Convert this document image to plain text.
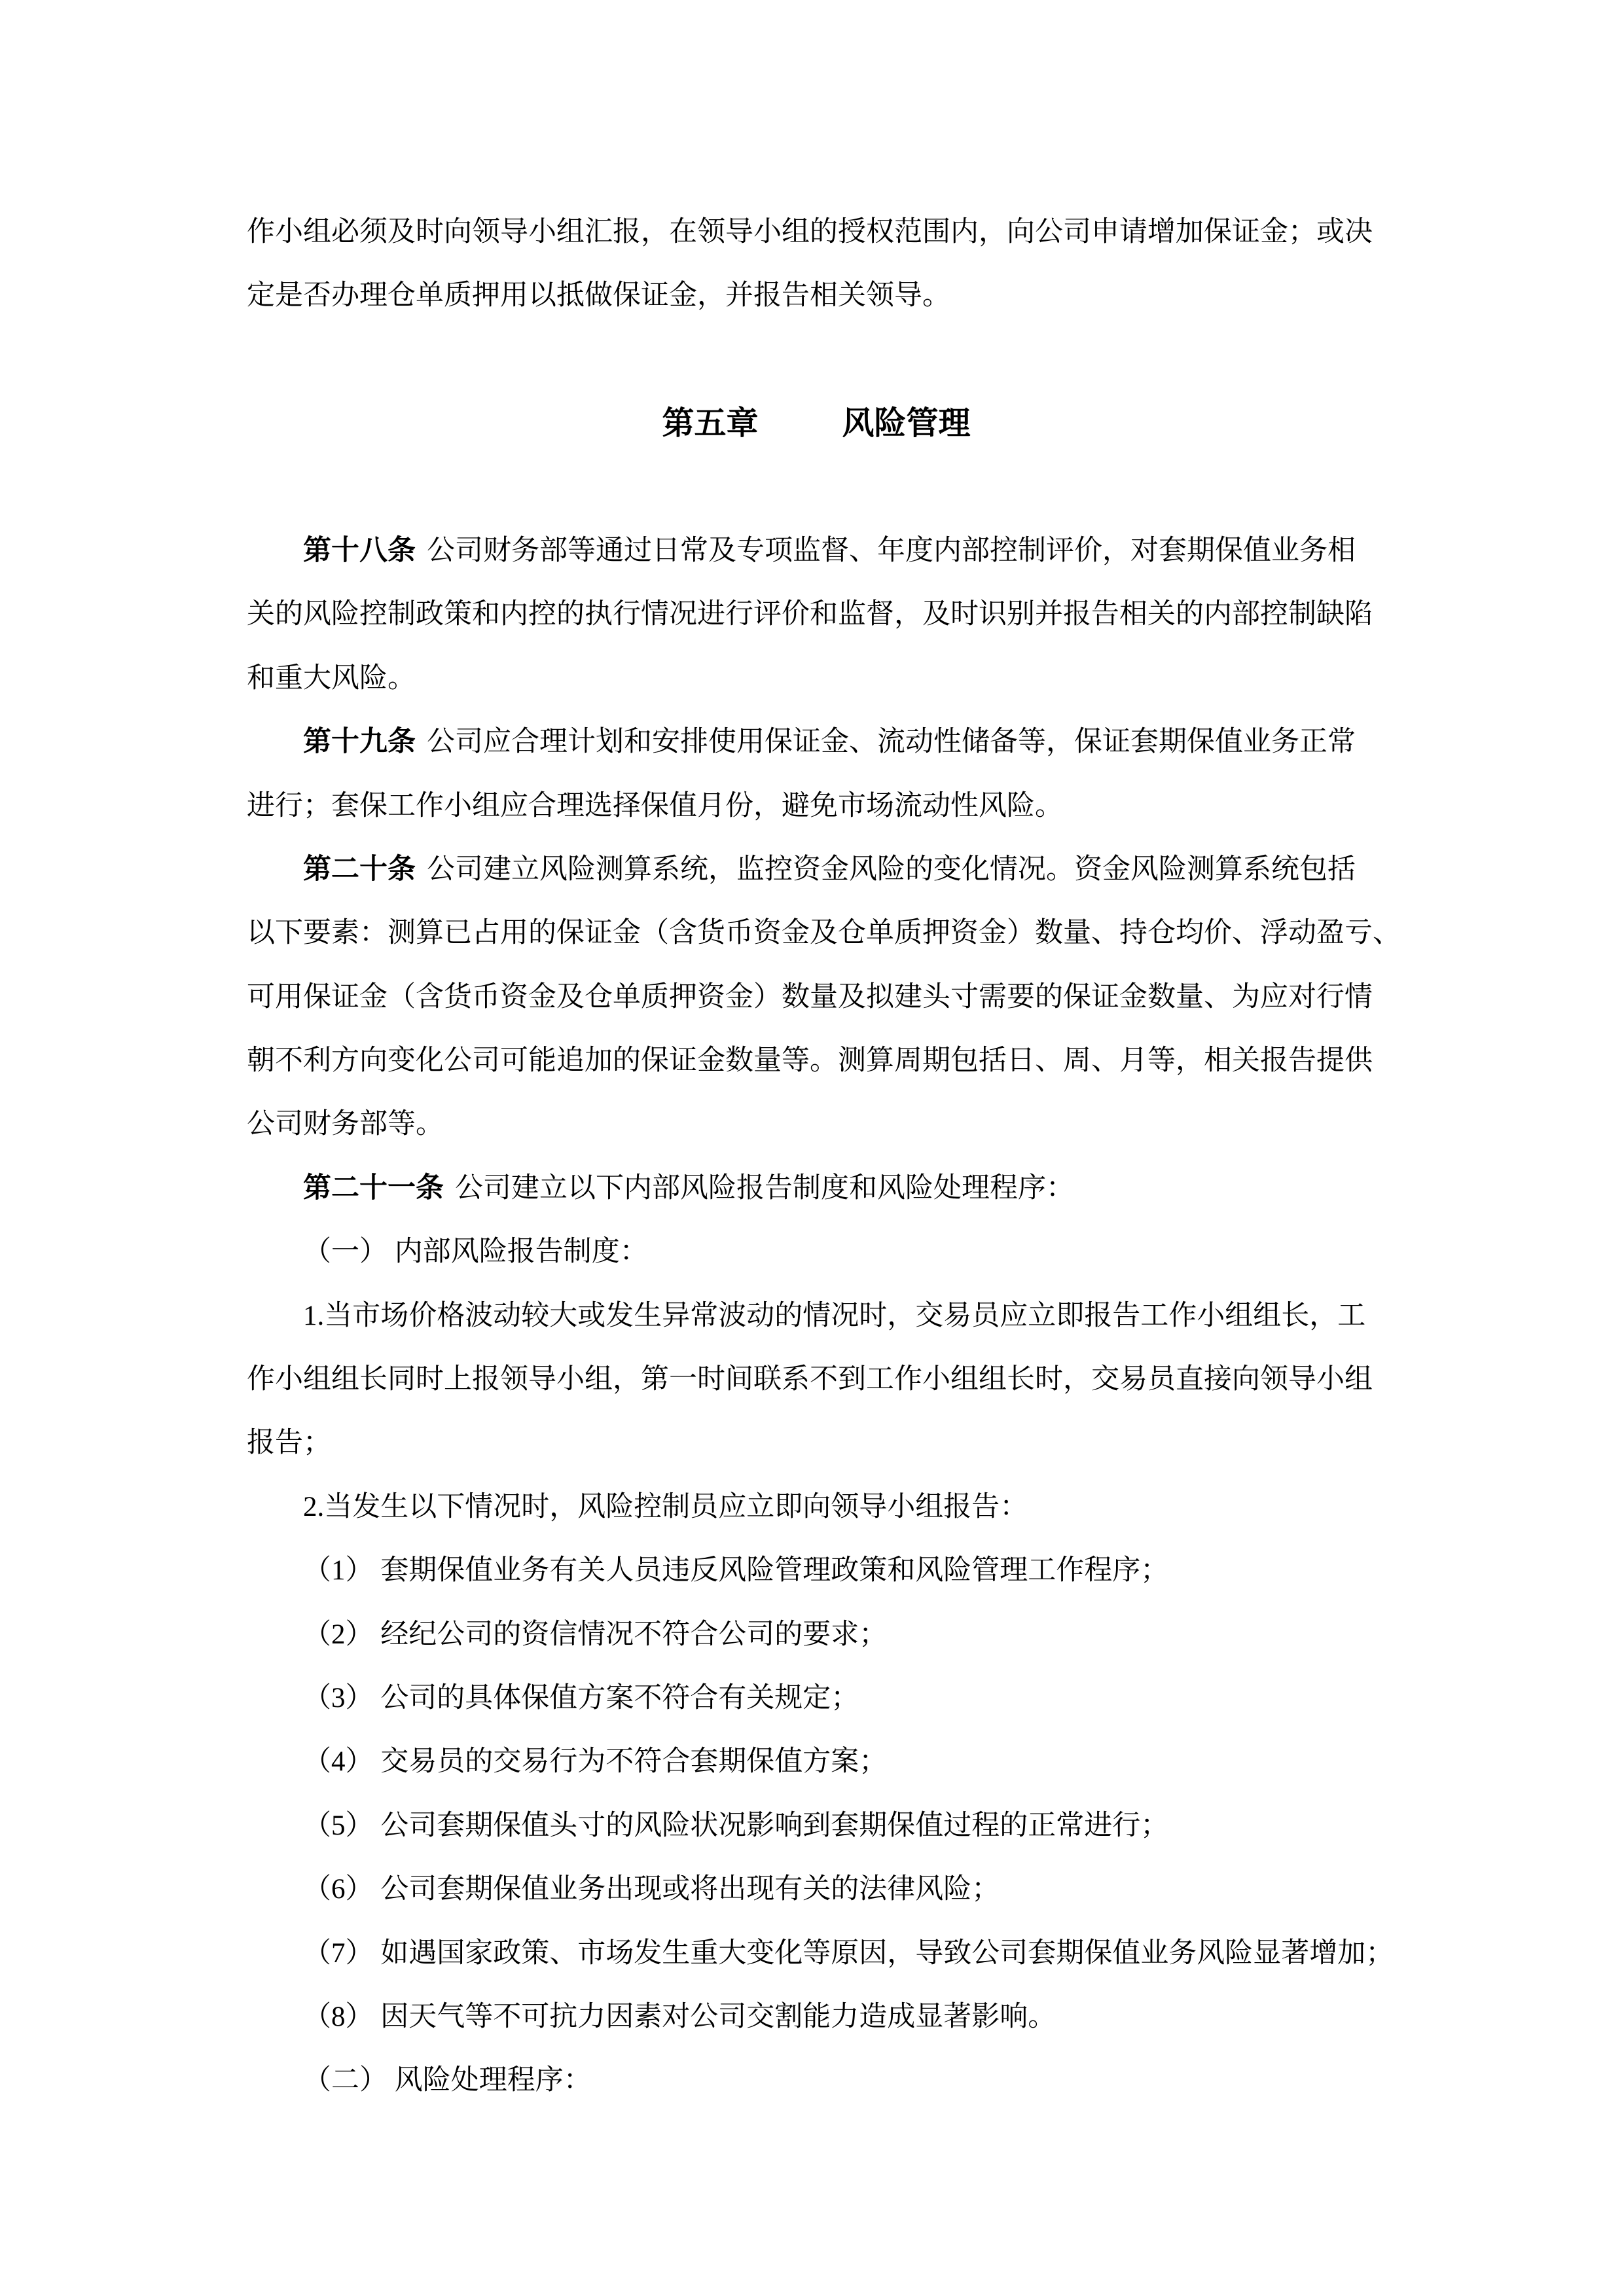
作小组必须及时向领导小组汇报，在领导小组的授权范围内，向公司申请增加保证金；或决
定是否办理仓单质押用以抵做保证金，并报告相关领导。
第五章	风险管理
第十八条 公司财务部等通过日常及专项监督、年度内部控制评价，对套期保值业务相
关的风险控制政策和内控的执行情况进行评价和监督，及时识别并报告相关的内部控制缺陷
和重大风险。
第十九条 公司应合理计划和安排使用保证金、流动性储备等，保证套期保值业务正常
进行；套保工作小组应合理选择保值月份，避免市场流动性风险。
第二十条 公司建立风险测算系统，监控资金风险的变化情况。资金风险测算系统包括
以下要素：测算已占用的保证金（含货币资金及仓单质押资金）数量、持仓均价、浮动盈亏、
可用保证金（含货币资金及仓单质押资金）数量及拟建头寸需要的保证金数量、为应对行情
朝不利方向变化公司可能追加的保证金数量等。测算周期包括日、周、月等，相关报告提供
公司财务部等。
第二十一条 公司建立以下内部风险报告制度和风险处理程序：
（一） 内部风险报告制度：
1.当市场价格波动较大或发生异常波动的情况时，交易员应立即报告工作小组组长，工
作小组组长同时上报领导小组，第一时间联系不到工作小组组长时，交易员直接向领导小组
报告；
2.当发生以下情况时，风险控制员应立即向领导小组报告：
（1） 套期保值业务有关人员违反风险管理政策和风险管理工作程序；
（2） 经纪公司的资信情况不符合公司的要求；
（3） 公司的具体保值方案不符合有关规定；
（4） 交易员的交易行为不符合套期保值方案；
（5） 公司套期保值头寸的风险状况影响到套期保值过程的正常进行；
（6） 公司套期保值业务出现或将出现有关的法律风险；
（7） 如遇国家政策、市场发生重大变化等原因，导致公司套期保值业务风险显著增加；
（8） 因天气等不可抗力因素对公司交割能力造成显著影响。
（二） 风险处理程序：
